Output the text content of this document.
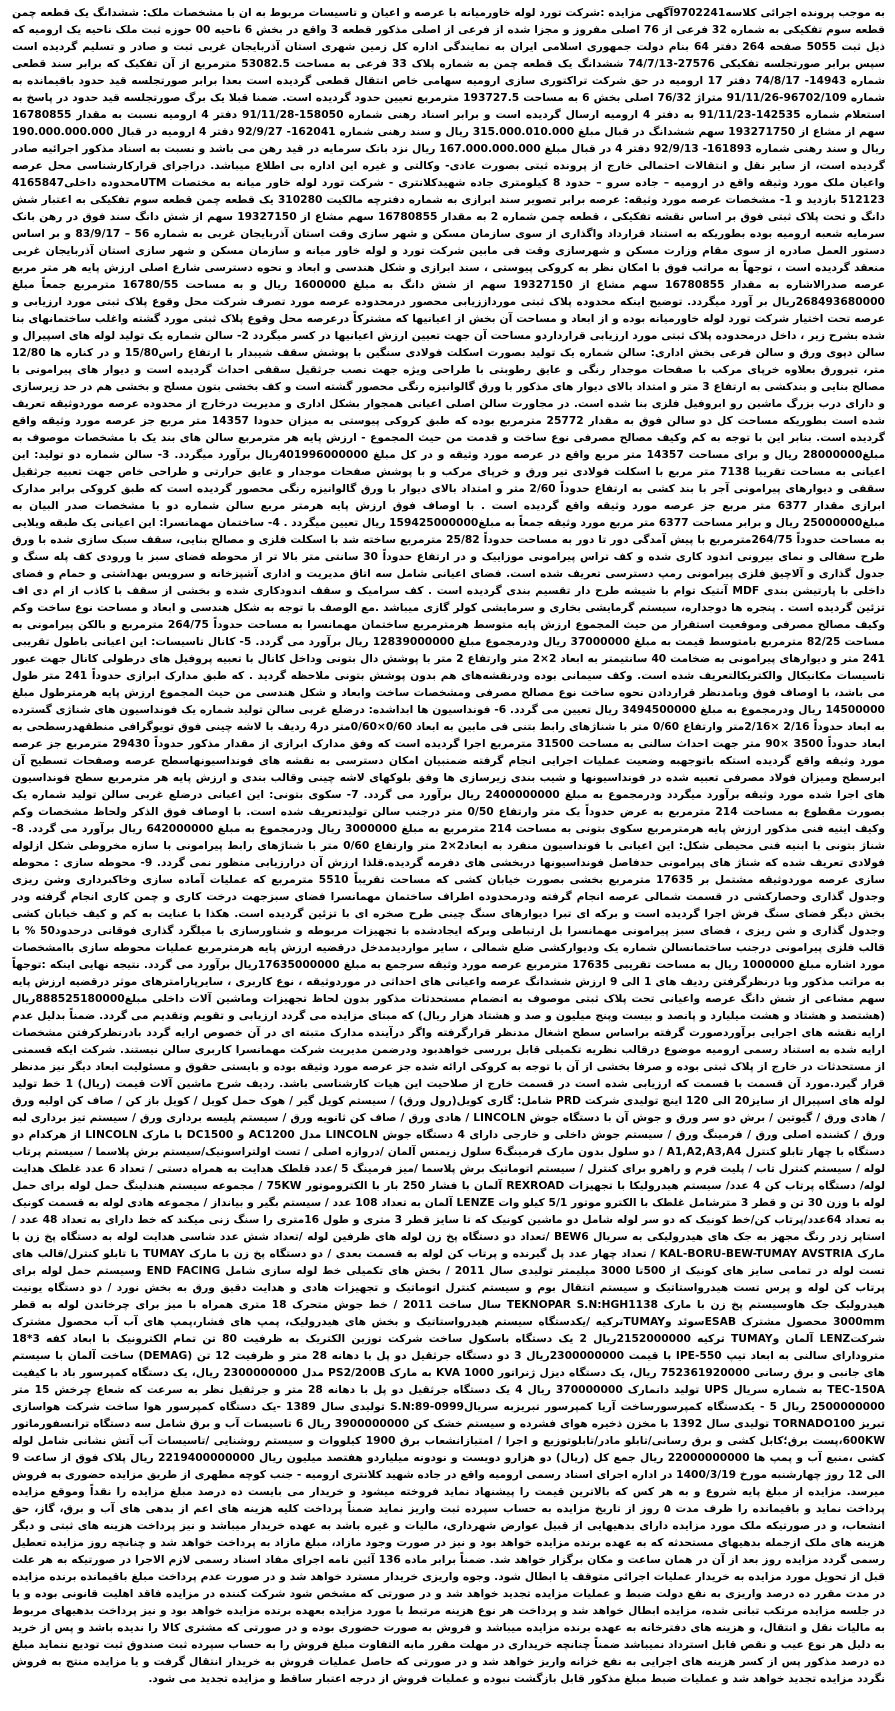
به موجب پرونده اجرائی کلاسه9702241آگهی مزایده :شرکت تورد لوله خاورمیانه با عرصه و اعیان و تاسیسات مربوط به ان با مشخصات ملک: ششدانگ یک قطعه چمن قطعه سوم تفکیکی به شماره 32 فرعی از 76 اصلی مفروز و مجزا شده از فرعی از اصلی مذکور قطعه 3 واقع در بخش 6 ناحیه 00 حوزه ثبت ملک ناحیه یک ارومیه که ذیل ثبت 5055 صفحه 264 دفتر 64 بنام دولت جمهوری اسلامی ایران به نمایندگی اداره کل زمین شهری استان آذربایجان غربی ثبت و صادر و تسلیم گردیده است سپس برابر صورتجلسه تفکیکی 27576-74/7/13 ششدانگ یک قطعه چمن به شماره پلاک 33 فرعی به مساحت 53082.5 مترمربع از آن تفکیک که برابر سند قطعی شماره 14943- 74/8/17 دفتر 17 ارومیه در حق شرکت تراکتوری سازی ارومیه سهامی خاص انتقال قطعی گردیده است بعدا برابر صورتجلسه قید حدود باقیمانده به شماره 96702/109-91/11/26 متراژ 76/32 اصلی بخش 6 به مساحت 193727.5 مترمربع تعیین حدود گردیده است. ضمنا قبلا یک برگ صورتجلسه قید حدود در پاسخ به استعلام شماره 142535-91/11/23 به دفتر 4 ارومیه ارسال گردیده است و برابر اسناد رهنی شماره 158050-91/11/28 دفتر 4 ارومیه نسبت به مقدار 16780855 سهم از مشاع از 193271750 سهم ششدانگ در قبال مبلغ 315.000.010.000 ریال و سند رهنی شماره 162041- 92/9/27 دفتر 4 ارومیه در قبال 190.000.000.000 ریال و سند رهنی شماره 161893- 92/9/13 دفتر 4 در قبال مبلغ 167.000.000.000 ریال نزد بانک سرمایه در قید رهن می باشد و نسبت به اسناد مذکور اجرائیه صادر گردیده است، از سایر نقل و انتقالات احتمالی خارج از پرونده ثبتی بصورت عادی- وکالتی و غیره این اداره بی اطلاع میباشد. دراجرای قرارکارشناسی محل عرصه واعیان ملک مورد وثیقه واقع در ارومیه – جاده سرو – حدود 8 کیلومتری جاده شهیدکلانتری - شرکت تورد لوله خاور میانه به مختصات UTMمحدوده داخلی4165847 512123 بازدید و 1- مشخصات عرصه مورد وثیقه: عرصه برابر تصویر سند ابرازی به شماره دفترچه مالکیت 310280 یک قطعه چمن قطعه سوم تفکیکی به اعتبار شش دانگ و تحت پلاک ثبتی فوق بر اساس نقشه تفکیکی ، قطعه چمن شماره 2 به مقدار 16780855 سهم مشاع از 19327150 سهم از شش دانگ سند فوق در رهن بانک سرمایه شعبه ارومیه بوده بطوریکه به استناد قرارداد واگذاری از سوی سازمان مسکن و شهر سازی وقت استان آذربایجان غربی به شماره 56 – 83/9/17 و بر اساس دستور العمل صادره از سوی مقام وزارت مسکن و شهرسازی وقت فی مابین شرکت تورد و لوله خاور میانه و سازمان مسکن و شهر سازی استان آذربایجان غربی منعقد گردیده است ، توجهاً به مراتب فوق با امکان نظر به کروکی پیوستی ، سند ابرازی و شکل هندسی و ابعاد و نحوه دسترسی شارع اصلی ارزش پایه هر متر مربع عرصه صدرالاشاره به مقدار 16780855 سهم مشاع از 19327150 سهم از شش دانگ به مبلغ 1600000 ریال و به مساحت 16780/55 مترمربع جمعاً مبلغ 268493680000ریال بر آورد میگردد. توضیح اینکه محدوده پلاک ثبتی مورداززیابی محصور درمحدوده عرصه مورد تصرف شرکت محل وقوع پلاک ثبتی مورد ارزیابی و عرصه تحت اختیار شرکت تورد لوله خاورمیانه بوده و از ابعاد و مساحت آن بخش از اعیانیها که مشترکاً درعرصه محل وقوع پلاک ثبتی مورد گشته واغلب ساختمانهای بنا شده بشرح زیر ، داخل درمحدوده پلاک ثبتی مورد ارزیابی قرارداردو مساحت آن جهت تعیین ارزش اعیانیها در کسر میگردد 2- سالن شماره یک تولید لوله های اسپیرال و سالن دپوی ورق و سالن فرعی بخش اداری: سالن شماره یک تولید بصورت اسکلت فولادی سنگین با پوشش سقف شیبدار با ارتفاع راس15/80 و در کناره ها 12/80 متر، تیرورق بعلاوه خرپای مرکب با صفحات موجدار رنگی و عایق رطوبتی با طراحی ویژه جهت نصب جرثقیل سقفی احداث گردیده است و دیوار های پیرامونی با مصالح بنایی و بندکشی به ارتفاع 3 متر و امتداد بالای دیوار های مذکور با ورق گالوانیزه رنگی محصور گشته است و کف بخشی بتون مسلح و بخشی هم در حد زیرسازی و دارای درب بزرگ ماشین رو ابروفیل فلزی بنا شده است. در مجاورت سالن اصلی اعیانی همجوار بشکل اداری و مدیریت درخارج از محدوده عرصه موردوثیقه تعریف شده است بطوریکه مساحت کل دو سالن فوق به مقدار 25772 مترمربع بوده که طبق کروکی پیوستی به میزان حدودا 14357 متر مربع جز عرصه مورد وثیقه واقع گردیده است. بنابر این با توجه به کم وکیف مصالح مصرفی نوع ساخت و قدمت من حیث المجموع - ارزش پایه هر مترمربع سالن های بند یک با مشخصات موصوف به مبلغ28000000 ریال و برای مساحت 14357 متر مربع واقع در عرصه مورد وثیقه و در کل مبلغ 401996000000ریال برآورد میگردد. 3- سالن شماره دو تولید: این اعیانی به مساحت تقریبا 7138 متر مربع با اسکلت فولادی تیر ورق و خرپای مرکب و با پوشش صفحات موجدار و عایق حرارتی و طراحی خاص جهت تعبیه جرثقیل سقفی و دیوارهای پیرامونی آجر با بند کشی به ارتفاع حدوداً 2/60 متر و امتداد بالای دیوار با ورق گالوانیزه رنگی محصور گردیده است که طبق کروکی برابر مدارک ابرازی مقدار 6377 متر مربع جز عرصه مورد وثیقه واقع گردیده است . با اوصاف فوق ارزش پایه هرمتر مربع سالن شماره دو با مشخصات صدر البیان به مبلغ25000000 ریال و برابر مساحت 6377 متر مربع مورد وثیقه جمعاً به مبلغ159425000000 ریال تعیین میگردد . 4- ساختمان مهمانسرا: این اعیانی یک طبقه ویلایی به مساحت حدوداً 264/75مترمربع با پیش آمدگی دور تا دور به مساحت حدوداً 25/82 مترمربع ساخته شد با اسکلت فلزی و مصالح بنایی، سقف سبک سازی شده با ورق طرح سفالی و نمای بیرونی اندود کاری شده و کف تراس پیرامونی موزاییک و در ارتفاع حدوداً 30 سانتی متر بالا تر از محوطه فضای سبز با ورودی کف پله سنگ و جدول گذاری و آلاچیق فلزی پیرامونی رمپ دسترسی تعریف شده است. فضای اعیانی شامل سه اتاق مدیریت و اداری آشپزخانه و سرویس بهداشتی و حمام و فضای داخلی با پارتیشن بندی MDF آنتیک توام با شیشه طرح دار تقسیم بندی گردیده است . کف سرامیک و سقف اندودکاری شده و بخشی از سقف با کاذب از ام دی اف تزئین گردیده است . پنجره ها دوجداره، سیستم گرمایشی بخاری و سرمایشی کولر گازی میباشد .مع الوصف با توجه به شکل هندسی و ابعاد و مساحت نوع ساخت وکم وکیف مصالح مصرفی وموقعیت استقرار من حیث المجموع ارزش پایه متوسط هرمترمربع ساختمان مهمانسرا به مساحت حدوداً 264/75 مترمربع و بالکن پیرامونی به مساحت 82/25 مترمربع بامتوسط قیمت به مبلغ 37000000 ریال ودرمجموع مبلغ 12839000000 ریال برآورد می گردد. 5- کانال تاسیسات: این اعیانی باطول تقریبی 241 متر و دیوارهای پیرامونی به ضخامت 40 سانتیمتر به ابعاد 2×2 متر وارتفاع 2 متر با پوشش دال بتونی وداخل کانال با تعبیه پروفیل های درطولی کانال جهت عبور تاسیسات مکانیکال والکتریکالتعریف شده است. وکف سیمانی بوده ودرنقشه‌های هم بدون پوشش بتونی ملاحظه گردید . که طبق مدارک ابرازی حدوداً 241 متر طول می باشد، با اوصاف فوق وبامدنظر قرارداد‌ن نحوه ساخت نوع مصالح مصرفی ومشخصات ساخت وابعاد و شکل هندسی من حیث المجموع ارزش پایه هرمترطول مبلغ 14500000 ریال ودرمجموع به مبلغ 3494500000 ریال تعیین می گردد. 6- فونداسیون ها ابداشده: درضلع غربی سالن تولید شماره یک فونداسیون های شناژی گسترده به ابعاد حدوداً 2/16 ×2/16متر وارتفاع 0/60 متر با شناژهای رابط بتنی فی مابین به ابعاد 0/60×0/60متر در4 ردیف با لاشه چینی فوق تویوگرافی منطقهدرسطحی به ابعاد حدوداً 3500 ×90 متر جهت احداث سالنی به مساحت 31500 مترمربع اجرا گردیده است که وفق مدارک ابرازی از مقدار مذکور حدوداً 29430 مترمربع جز عرصه مورد وثیقه واقع گردیده استکه باتوجهبه وضعیت عملیات اجرایی انجام گرفته ضمنبیان امکان دسترسی به نقشه های فونداسیونهاسطح عرصه وصفحات تسطیح آن ابرسطح ومیزان فولاد مصرفی تعبیه شده در فونداسیونها و شیب بندی زیرسازی ها وفق بلوکهای لاشه چینی وقالب بندی و ارزش پایه هر مترمربع سطح فونداسیون های اجرا شده مورد وثیقه برآورد میگردد ودرمجموع به مبلغ 2400000000 ریال برآورد می گردد. 7- سکوی بتونی: این اعیانی درضلع غربی سالن تولید شماره یک بصورت مقطوع به مساحت 214 مترمربع به عرض حدوداً یک متر وارتفاع 0/50 متر درجنب سالن تولیدتعریف شده است. با اوصاف فوق الذکر ولحاظ مشخصات وکم وکیف ایتیه فنی مذکور ارزش پایه هرمترمربع سکوی بتونی به مساحت 214 مترمربع به مبلغ 3000000 ریال ودرمجموع به مبلغ 642000000 ریال برآورد می گردد. 8- شناژ بتونی با ابنیه فنی محیطی شکل: این اعیانی با فونداسیون منفرد به ابعاد2×2 متر وارتفاع 0/60 متر با شناژهای رابط پیرامونی با سازه مخروطی شکل ازلوله فولادی تعریف شده که شناژ های پیرامونی حدفاصل فونداسیونها دربخشی های دفرمه گردیده.قلذا ارزش آن درارزیابی منظور نمی گردد. 9- محوطه سازی : محوطه سازی عرصه موردوثیقه مشتمل بر 17635 مترمربع بخشی بصورت خیابان کشی که مساحت تقریباً 5510 مترمربع که عملیات آماده سازی وخاکبرداری وشن ریزی وجدول گذاری وحصارکشی در قسمت شمالی عرصه انجام گرفته ودرمحدوده اطراف ساختمان مهمانسرا فضای سبزجهت درخت کاری و چمن کاری انجام گرفته ودر بخش دیگر فضای سنگ فرش اجرا گردیده است و برکه ای تبرا دیوارهای سنگ چینی طرح صخره ای با تزئین گردیده است. هکذا با عنایت به کم و کیف خیابان کشی وجدول گذاری و شن ریزی ، فضای سبز پیرامونی مهمانسرا بل ارتباطی وبرکه ایجادشده با تجهیزات مربوطه و شناورسازی با میلگرد گذاری فوقانی درحدود50 % با قالب فلزی پیرامونی درجنب ساختمانسالن شماره یک ودیوارکشی ضلع شمالی ، سایر مواردیدمدخل درقضیه ارزش پایه هرمترمربع عملیات محوطه سازی باامشخصات مورد اشاره مبلغ 1000000 ریال به مساحت تقریبی 17635 مترمربع عرصه مورد وثیقه سرجمع به مبلغ 17635000000ریال برآورد می گردد. نتیجه نهایی اینکه :توجهاً به مراتب مذکور وبا درنظرگرفتن ردیف های 1 الی 9 ارزش ششدانگ عرصه واعیانی های احداثی در موردوثیقه ، نوع کاربری ، سایرپارامترهای موثر درقضیه ارزش پایه سهم مشاعی از شش دانگ عرصه واعیانی تحت پلاک ثبتی موصوف به انضمام مستحدثات مذکور بدون لحاظ تجهیزات وماشین آلات داخلی مبلغ888525180000ریال (هشتصد و هشتاد و هشت میلیارد و پانصد و بیست وپنج میلیون و صد و هشتاد هزار ریال) که مبنای مزایده می گردد ارزیابی و تقویم وتقدیم می گردد. ضمناً بدلیل عدم ارایه نقشه های اجرایی برآوردصورت گرفته براساس سطح اشغال مدنظر قرارگرفته واگر درآینده مدارک متبته ای در آن خصوص ارایه گردد بادرنظرکرفتن مشخصات ارایه شده به استناد رسمی ارومیه موضوع درقالب نظریه تکمیلی قابل بررسی خواهدبود ودرضمن مدیریت شرکت مهمانسرا کاربری سالن نیستند. شرکت ایکه قسمتی از مستحدثات در خارج از پلاک ثبتی بوده و صرفا بخشی از آن با توجه به کروکی ارائه شده جز عرصه مورد وثیقه بوده و بایستی حقوق و مسئولیت ابعاد دیگر نیز مدنظر قرار گیرد.مورد آن قسمت با قسمت که ارزیابی شده است در قسمت خارج از صلاحیت این هیات کارشناسی باشد. ردیف شرح ماشین آلات قیمت (ریال) 1 خط تولید لوله های اسپیرال از سایز20 الی 120 اینچ تولیدی شرکت PRD شامل: گاری کویل(رول ورق) / سیستم کویل گیر / هوک حمل کویل / کویل باز کن / صاف کن اولیه ورق / هادی ورق / گیوتین / برش دو سر ورق و جوش آن با دستگاه جوش LINCOLN / هادی ورق / صاف کن ثانویه ورق / سیستم پلیسه برداری ورق / سیستم تیز برداری لبه ورق / کشنده اصلی ورق / فرمینگ ورق / سیستم جوش داخلی و خارجی دارای 4 دستگاه جوش LINCOLN مدل AC1200 و DC1500 با مارک LINCOLN از هرکدام دو دستگاه با چهار تابلو کنترل A1,A2,A3,A4 / دو سلول بدون مارک فرمینگ6 سلول زیمنس آلمان /دروازه اصلی / تست اولتراسونیک/سیستم برش پلاسما / سیستم پرتاب لوله / سیستم کنترل تاب / پلیت فرم و راهرو برای کنترل / سیستم اتوماتیک برش پلاسما /میز فرمینگ 5 /عدد قلطک هدایت به همراه دستی / تعداد 6 عدد غلطک هدایت لوله/ دستگاه پرتاب کن 4 عدد/ سیستم هیدرولیکا با تجهیزات REXROAD آلمان با فشار 250 بار با الکتروموتور 75KW / مجموعه سیستم هندلینگ حمل لوله برای حمل لوله با وزن 30 تن و قطر 3 مترشامل غلطک با الکترو موتور 5/1 کیلو وات LENZE آلمان به تعداد 108 عدد / سیستم بگیر و بیانداز / مجموعه هادی لوله به قسمت کونیک به تعداد 64عدد/پرتاب کن/خط کونیک که دو سر لوله شامل دو ماشین کونیک که تا سایز قطر 3 متری و طول 16متری را سنگ زنی میکند که خط دارای به تعداد 48 عدد /استاپر زدر رنگ مجهز به جک های هیدرولیکی به سریال BEW6 /تعداد دو دستگاه پخ زن لوله های ظرفین لوله /تعداد شش عدد شاسی هدایت لوله به دستگاه پخ زن با مارک KAL-BORU-BEW-TUMAY AVSTRIA / تعداد چهار عدد پل گیرنده و پرتاب کن لوله به قسمت بعدی / دو دستگاه پخ زن با مارک TUMAY با تابلو کنترل/قالب های تست لوله در تمامی سایز های کونیک از 500تا 3000 میلیمتر تولیدی سال 2011 / بخش های تکمیلی خط لوله سازی شامل END FACING وسیستم حمل لوله برای پرتاب کن لوله و پرس تست هیدرواستاتیک و سیستم انتقال بوم و سیستم کنترل اتوماتیک و تجهیزات هادی و هدایت دقیق ورق به بخش نورد / دو دستگاه یونیت هیدرولیک جک هاوسیستم پخ زن با مارک TEKNOPAR S.N:HGH1138 سال ساخت 2011 / خط جوش متحرک 18 متری همراه با میز برای چرخاندن لوله به قطر 3000mm محصول مشترک ESABسوئد وTUMAYترکیه /یکدستگاه سیستم هیدرواستاتیک و بخش های هیدرولیک، پمپ های فشار،پمپ های آب آب محصول مشترک شرکتLENZ آلمان وTUMAY ترکیه 2152000000ریال 2 یک دستگاه باسکول ساخت شرکت توزین الکتریک به ظرفیت 80 تن تمام الکترونیک با ابعاد کفه 3*18 مترودارای سالنی به ابعاد تیپ IPE-550 با قیمت 2300000000ریال 3 دو دستگاه جرثقیل دو پل با دهانه 28 متر و ظرفیت 12 تن (DEMAG) ساخت آلمان با سیستم های جانبی و برق رسانی 752361920000 ریال، یک دستگاه دیزل ژنراتور 1000 KVA به مارک PS2/200B مدل 2300000000 ریال، یک دستگاه کمپرسور باد با کیفیت TEC-150A به شماره سریال UPS تولید دانمارک 370000000 ریال 4 یک دستگاه جرثقیل دو پل با دهانه 28 متر و جرثقیل نظر به سرعت که شعاع چرخش 15 متر 2500000000 ریال 5 - یکدستگاه کمپرسورساخت آریا کمپرسور تبریزبه سریالS.N:89-0999 تولیدی سال 1389 -یک دستگاه کمپرسور هوا ساخت شرکت هواسازی تبریز TORNADO100 تولیدی سال 1392 با مخزن ذخیره هوای فشرده و سیستم خشک کن 3900000000 ریال 6 تاسیسات آب و برق شامل سه دستگاه ترانسفورماتور 600KW،پست برق؛کابل کشی و برق رسانی/تابلو مادر/تابلوتوزیع و اجرا / امتیازانشعاب برق 1900 کیلووات و سیستم روشنایی /تاسیسات آب آتش نشانی شامل لوله کشی ،منبع آب و پمپ ها 22000000000 ریال جمع کل (ریال) دو هزارو دویست و نودونه میلیاردو هفتصد میلیون ریال 2219400000000 ریال پلاک فوق از ساعت 9 الی 12 روز چهارشنبه مورخ 1400/3/19 در اداره اجرای اسناد رسمی ارومیه واقع در جاده شهید کلانتری ارومیه - جنب کوچه مطهری از طریق مزایده حضوری به فروش میرسد. مزایده از مبلغ پایه شروع و به هر کس که بالاترین قیمت را پیشنهاد نماید فروخته میشود و خریدار می بایست ده درصد مبلغ مزایده را نقداً وموقع مزایده پرداخت نماید و باقیمانده را ظرف مدت ۵ روز از تاریخ مزایده به حساب سپرده ثبت واریز نماید ضمناً پرداخت کلیه هزینه های اعم از بدهی های آب و برق، گاز، حق انشعاب، و در صورتیکه ملک مورد مزایده دارای بدهیهایی از قبیل عوارض شهرداری، مالیات و غیره باشد به عهده خریدار میباشد و نیز پرداخت هزینه های ثبتی و دیگر هزینه های ملک ازجمله بدهیهای مستحدثه که به عهده برنده مزایده خواهد بود و نیز در صورت وجود مازاد، مبلغ مازاد به پرداخت خواهد شد و چنانچه روز مزایده تعطیل رسمی گردد مزایده روز بعد از آن در همان ساعت و مکان برگزار خواهد شد. ضمناً برابر ماده 136 آئین نامه اجرای مفاد اسناد رسمی لازم الاجرا در صورتیکه به هر علت قبل از تحویل مورد مزایده به خریدار عملیات اجرائی متوقف یا ابطال شود. وجوه واریزی خریدار مسترد خواهد شد و در صورت عدم پرداخت مبلغ باقیمانده برنده مزایده در مدت مقرر ده درصد واریزی به نفع دولت ضبط و عملیات مزایده تجدید خواهد شد و در صورتی که مشخص شود شرکت کننده در مزایده فاقد اهلیت قانونی بوده و یا در جلسه مزایده مرتکب تبانی شده، مزایده ابطال خواهد شد و پرداخت هر نوع هزینه مرتبط با مورد مزایده بعهده برنده مزایده خواهد بود و نیز پرداخت بدهیهای مربوط به مالیات نقل و انتقال، و هزینه های دفترخانه به عهده برنده مزایده میباشد و فروش به صورت حضوری بوده و در صورتی که مشتری کالا را ندیده باشد و پس از خرید به دلیل هر نوع عیب و نقص قابل استرداد نمیباشد ضمناً چنانچه خریداری در مهلت مقرر مابه التفاوت مبلغ فروش را به حساب سپرده ثبت صندوق ثبت تودیع ننماید مبلغ ده درصد مذکور پس از کسر هزینه های اجرایی به نفع خزانه واریز خواهد شد و در صورتی که حاصل عملیات فروش به خریدار انتقال گرفت و یا مزایده منتج به فروش نگردد مزایده تجدید خواهد شد و عملیات ضبط مبلغ مذکور قابل بازگشت نبوده و عملیات فروش از درجه اعتبار ساقط و مزایده تجدید می شود.
